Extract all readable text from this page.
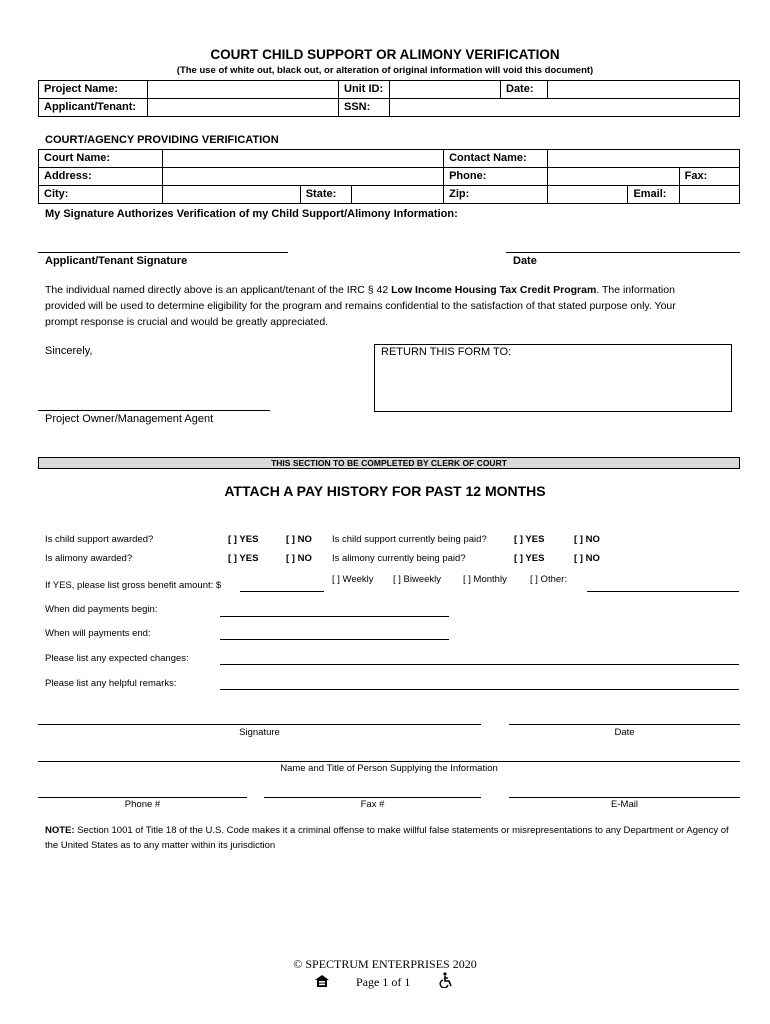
COURT CHILD SUPPORT OR ALIMONY VERIFICATION
(The use of white out, black out, or alteration of original information will void this document)
Project Name:		Unit ID:		Date:	
Applicant/Tenant:		SSN:			
COURT/AGENCY PROVIDING VERIFICATION
Court Name:				Contact Name:			
Address:				Phone:			Fax:
City:		State:		Zip:		Email:	
My Signature Authorizes Verification of my Child Support/Alimony Information:
Applicant/Tenant Signature	Date
The individual named directly above is an applicant/tenant of the IRC § 42 Low Income Housing Tax Credit Program. The information provided will be used to determine eligibility for the program and remains confidential to the satisfaction of that stated purpose only. Your prompt response is crucial and would be greatly appreciated.
Sincerely,	RETURN THIS FORM TO:
Project Owner/Management Agent
THIS SECTION TO BE COMPLETED BY CLERK OF COURT
ATTACH A PAY HISTORY FOR PAST 12 MONTHS
Is child support awarded?	[ ] YES	[ ] NO Is child support currently being paid?	[ ] YES	[ ] NO
Is alimony awarded?	[ ] YES	[ ] NO Is alimony currently being paid?	[ ] YES	[ ] NO
If YES, please list gross benefit amount: $
[ ] Weekly [ ] Biweekly [ ] Monthly [ ] Other:
When did payments begin:
When will payments end:
Please list any expected changes:
Please list any helpful remarks:
Signature	Date
Name and Title of Person Supplying the Information
Phone #	Fax #	E-Mail
NOTE: Section 1001 of Title 18 of the U.S. Code makes it a criminal offense to make willful false statements or misrepresentations to any Department or Agency of the United States as to any matter within its jurisdiction
© SPECTRUM ENTERPRISES 2020
Page 1 of 1
